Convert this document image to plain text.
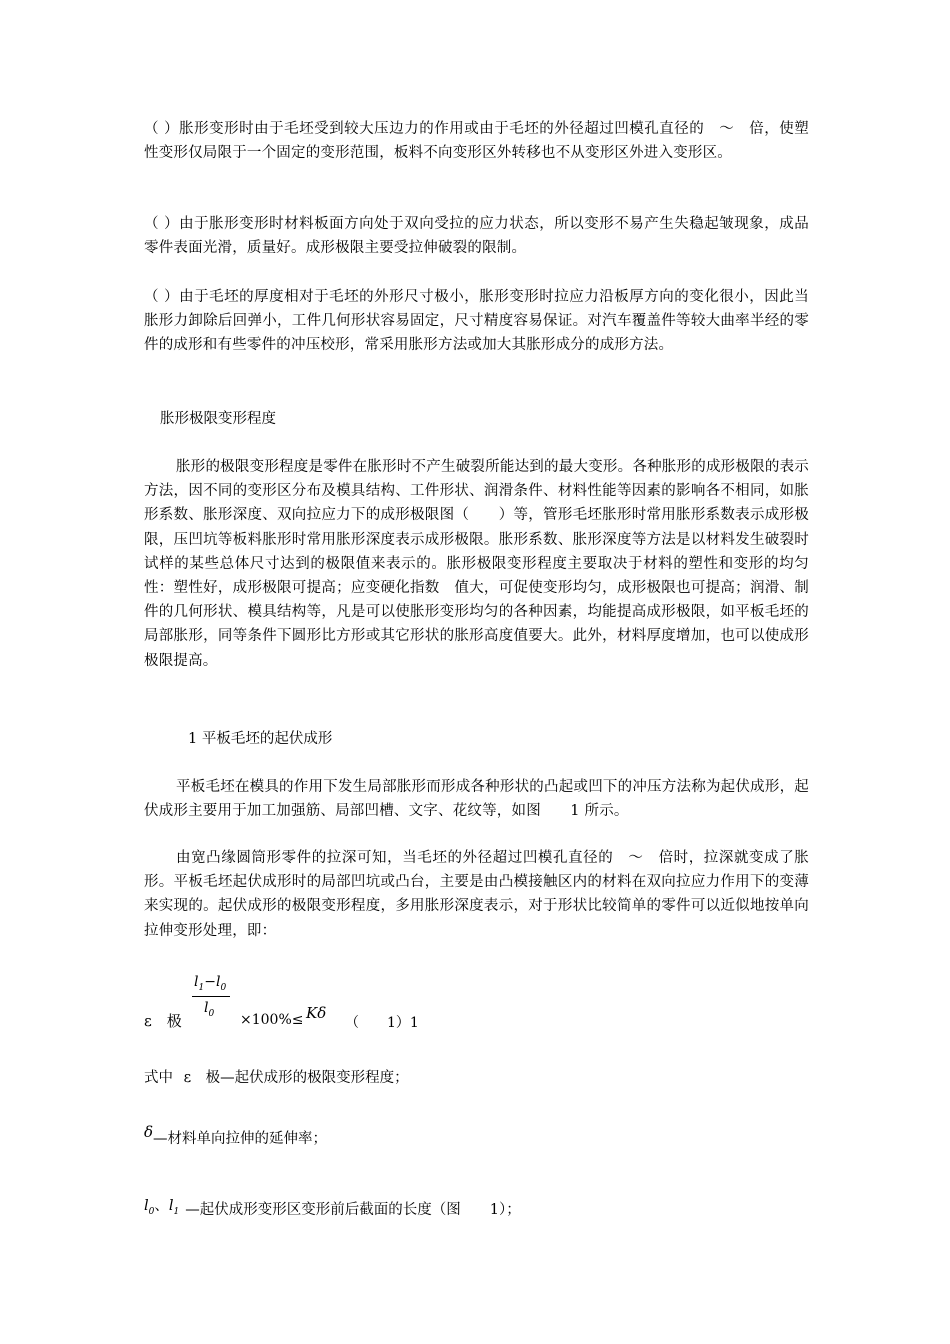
（ ）胀形变形时由于毛坯受到较大压边力的作用或由于毛坯的外径超过凹模孔直径的　～　倍，使塑性变形仅局限于一个固定的变形范围，板料不向变形区外转移也不从变形区外进入变形区。

（ ）由于胀形变形时材料板面方向处于双向受拉的应力状态，所以变形不易产生失稳起皱现象，成品零件表面光滑，质量好。成形极限主要受拉伸破裂的限制。

（ ）由于毛坯的厚度相对于毛坯的外形尺寸极小，胀形变形时拉应力沿板厚方向的变化很小，因此当胀形力卸除后回弹小，工件几何形状容易固定，尺寸精度容易保证。对汽车覆盖件等较大曲率半经的零件的成形和有些零件的冲压校形，常采用胀形方法或加大其胀形成分的成形方法。

胀形极限变形程度

胀形的极限变形程度是零件在胀形时不产生破裂所能达到的最大变形。各种胀形的成形极限的表示方法，因不同的变形区分布及模具结构、工件形状、润滑条件、材料性能等因素的影响各不相同，如胀形系数、胀形深度、双向拉应力下的成形极限图（　　）等，管形毛坯胀形时常用胀形系数表示成形极限，压凹坑等板料胀形时常用胀形深度表示成形极限。胀形系数、胀形深度等方法是以材料发生破裂时试样的某些总体尺寸达到的极限值来表示的。胀形极限变形程度主要取决于材料的塑性和变形的均匀性：塑性好，成形极限可提高；应变硬化指数　值大，可促使变形均匀，成形极限也可提高；润滑、制件的几何形状、模具结构等，凡是可以使胀形变形均匀的各种因素，均能提高成形极限，如平板毛坯的局部胀形，同等条件下圆形比方形或其它形状的胀形高度值要大。此外，材料厚度增加，也可以使成形极限提高。

1 平板毛坯的起伏成形

平板毛坯在模具的作用下发生局部胀形而形成各种形状的凸起或凹下的冲压方法称为起伏成形，起伏成形主要用于加工加强筋、局部凹槽、文字、花纹等，如图　　1 所示。

由宽凸缘圆筒形零件的拉深可知，当毛坯的外径超过凹模孔直径的　～　倍时，拉深就变成了胀形。平板毛坯起伏成形时的局部凹坑或凸台，主要是由凸模接触区内的材料在双向拉应力作用下的变薄来实现的。起伏成形的极限变形程度，多用胀形深度表示，对于形状比较简单的零件可以近似地按单向拉伸变形处理，即：

ε　极
$l_1-l_0$
$l_0 \times 100\%\le K\delta$
（　　1）1
式中 ε　极—起伏成形的极限变形程度；
δ—材料单向拉伸的延伸率；
$l_0$、$l_1$ —起伏成形变形区变形前后截面的长度（图　　1）；
